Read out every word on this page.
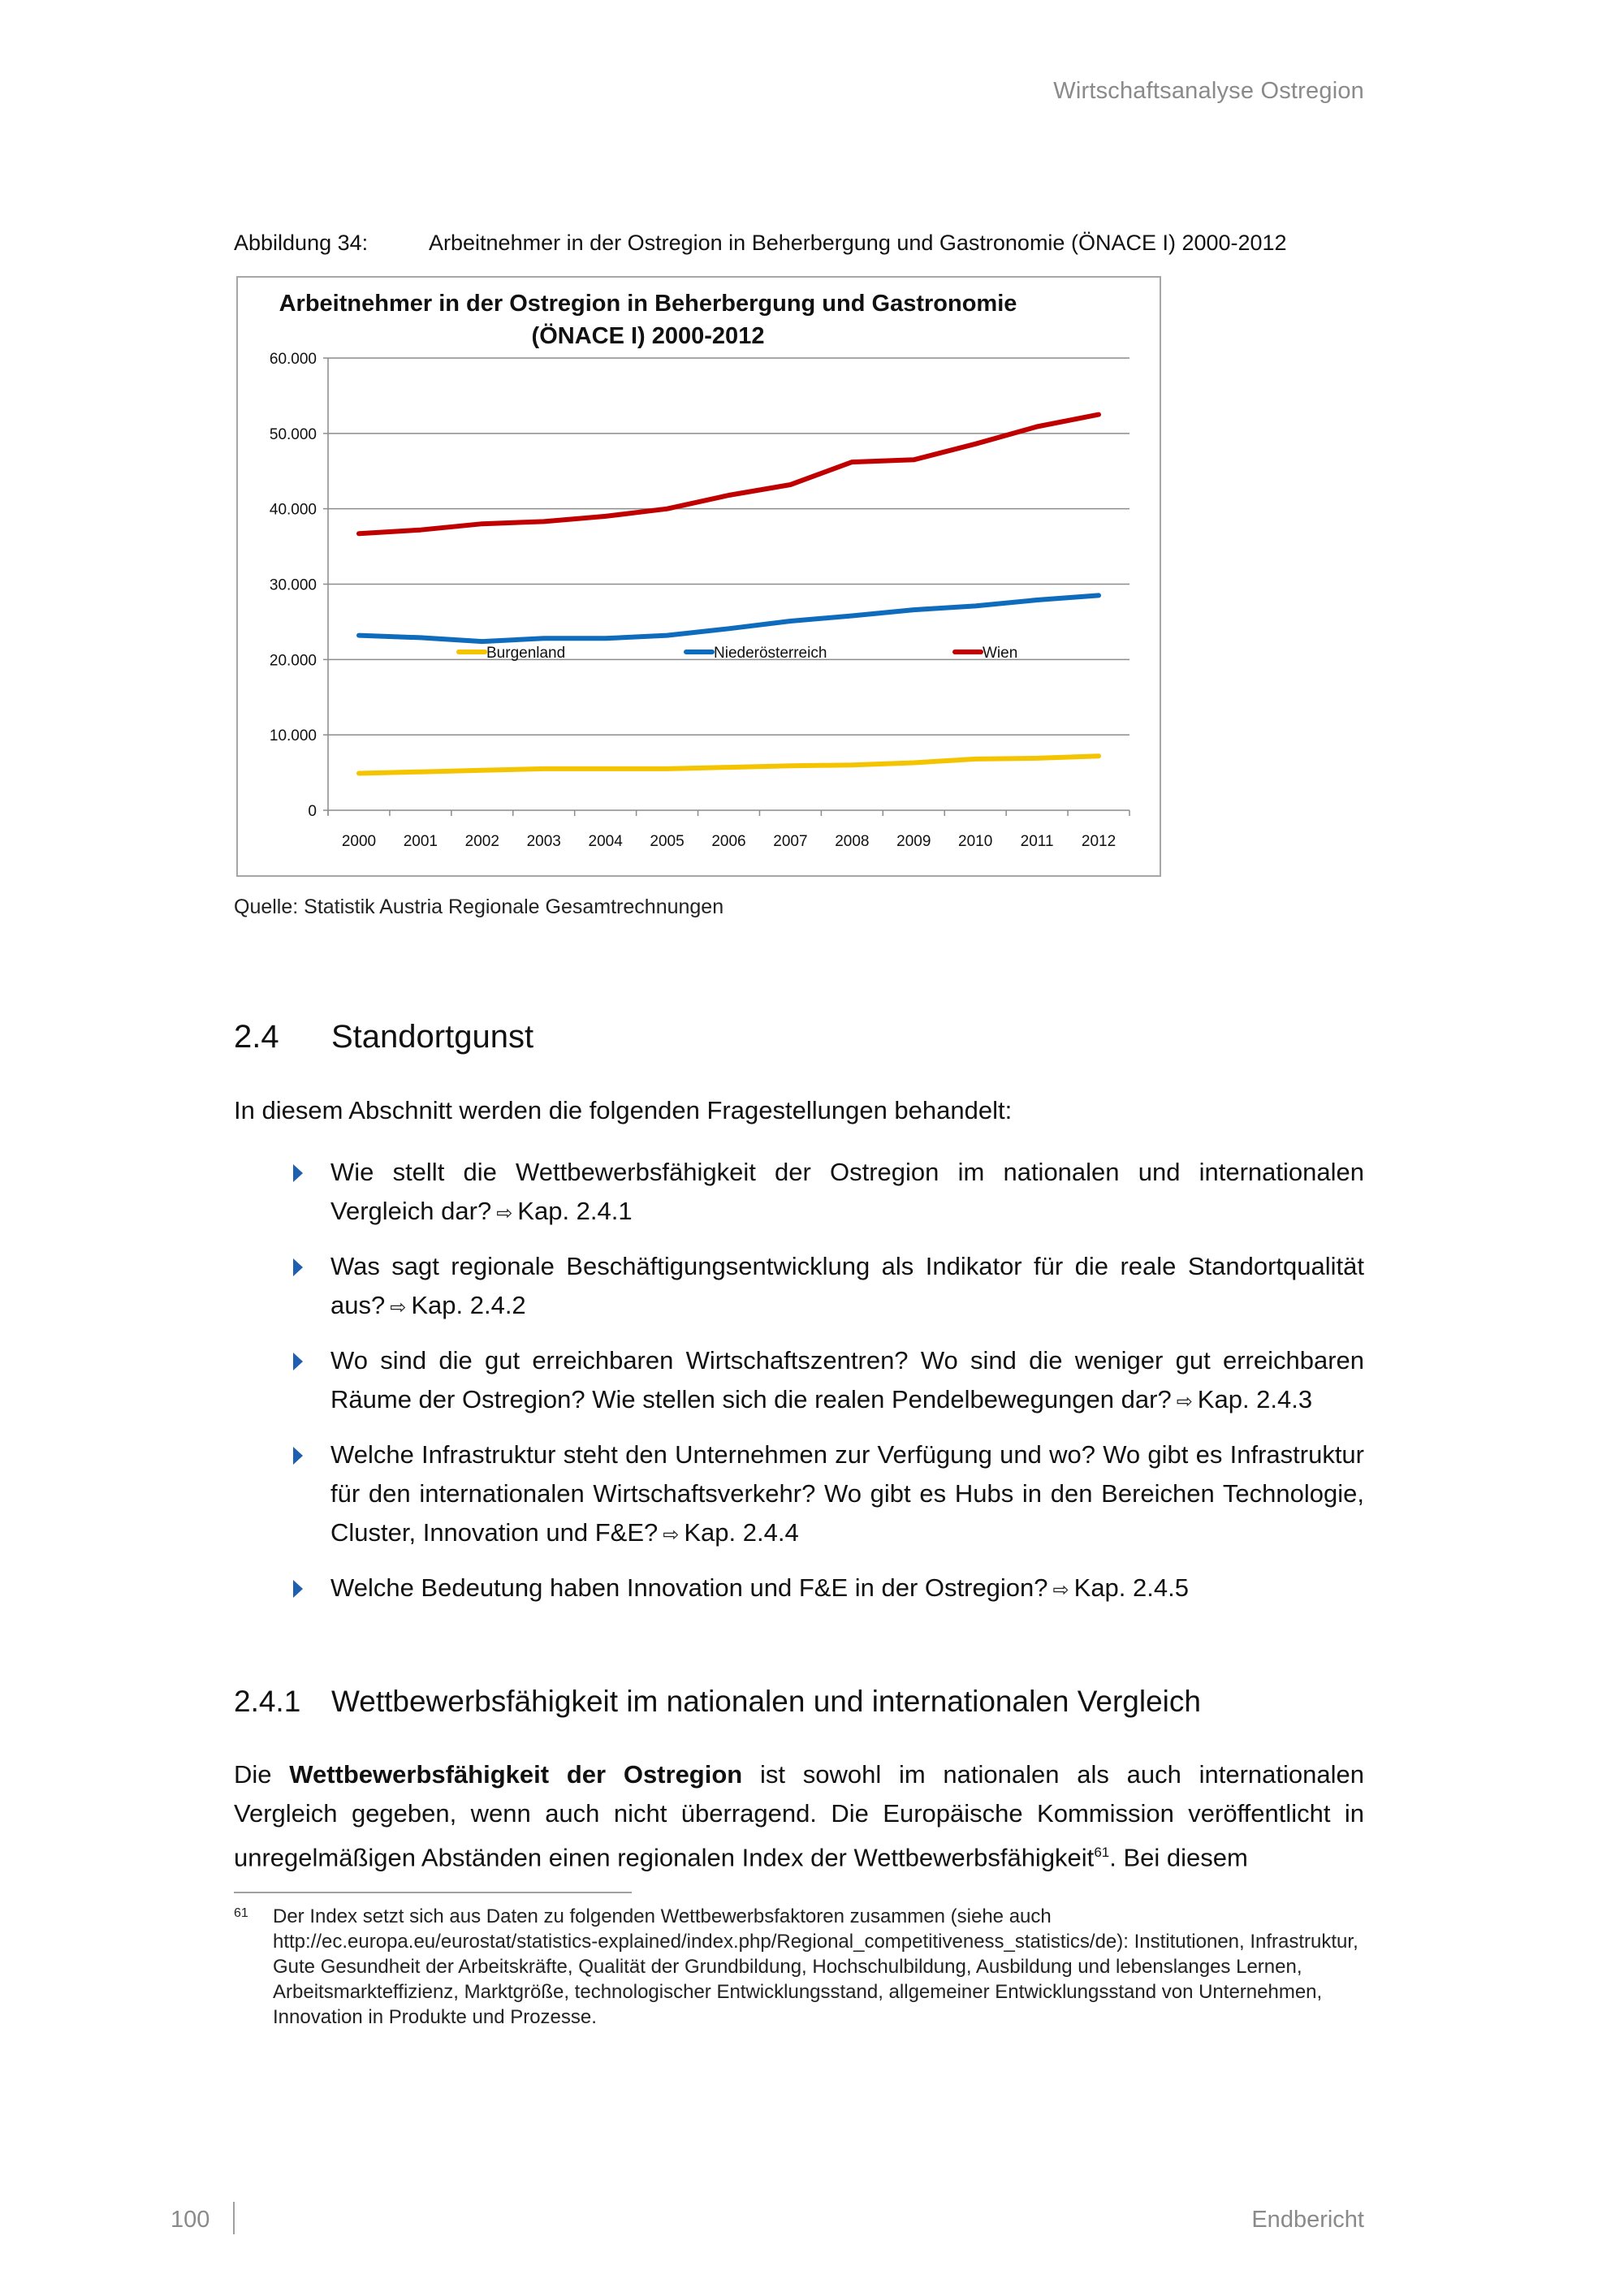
Wirtschaftsanalyse Ostregion
Abbildung 34:	Arbeitnehmer in der Ostregion in Beherbergung und Gastronomie (ÖNACE I) 2000-2012
Arbeitnehmer in der Ostregion in Beherbergung und Gastronomie
(ÖNACE I) 2000-2012
0
10.000
20.000
30.000
40.000
50.000
60.000
2000 2001 2002 2003 2004 2005 2006 2007 2008 2009 2010 2011 2012
Burgenland	Niederösterreich	Wien
Quelle: Statistik Austria Regionale Gesamtrechnungen
2.4 Standortgunst
In diesem Abschnitt werden die folgenden Fragestellungen behandelt:
Wie stellt die Wettbewerbsfähigkeit der Ostregion im nationalen und internationalen Vergleich dar? ⇨ Kap. 2.4.1
Was sagt regionale Beschäftigungsentwicklung als Indikator für die reale Standortqualität aus? ⇨ Kap. 2.4.2
Wo sind die gut erreichbaren Wirtschaftszentren? Wo sind die weniger gut erreichbaren Räume der Ostregion? Wie stellen sich die realen Pendelbewegungen dar? ⇨ Kap. 2.4.3
Welche Infrastruktur steht den Unternehmen zur Verfügung und wo? Wo gibt es Infrastruktur für den internationalen Wirtschaftsverkehr? Wo gibt es Hubs in den Bereichen Technologie, Cluster, Innovation und F&E? ⇨ Kap. 2.4.4
Welche Bedeutung haben Innovation und F&E in der Ostregion? ⇨ Kap. 2.4.5
2.4.1 Wettbewerbsfähigkeit im nationalen und internationalen Vergleich
Die Wettbewerbsfähigkeit der Ostregion ist sowohl im nationalen als auch internationalen Vergleich gegeben, wenn auch nicht überragend. Die Europäische Kommission veröffentlicht in unregelmäßigen Abständen einen regionalen Index der Wettbewerbsfähigkeit$^{61}$. Bei diesem
61 Der Index setzt sich aus Daten zu folgenden Wettbewerbsfaktoren zusammen (siehe auch http://ec.europa.eu/eurostat/statistics-explained/index.php/Regional_competitiveness_statistics/de): Institutionen, Infrastruktur, Gute Gesundheit der Arbeitskräfte, Qualität der Grundbildung, Hochschulbildung, Ausbildung und lebenslanges Lernen, Arbeitsmarkteffizienz, Marktgröße, technologischer Entwicklungsstand, allgemeiner Entwicklungsstand von Unternehmen, Innovation in Produkte und Prozesse.
100	Endbericht
